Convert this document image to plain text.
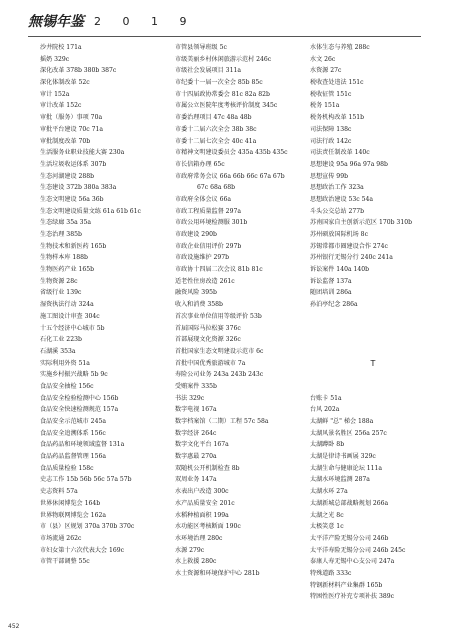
無锡年鉴 2 0 1 9
沙井院校 171a
摇奶 329c
深化改革 378b 380b 387c
深化体制改革 52c
审计 152a
审计改革 152c
审批（服务）事项 70a
审批平台建设 70c 71a
审批制度改革 70b
生活服务业职业技能大赛 230a
生活垃圾收运体系 307b
生态河湖建设 288b
生态建设 372b 380a 383a
生态文明建设 56a 36b
生态文明建设质量文练 61a 61b 61c
生态绿廊 35a 35a
生态治理 385b
生物技术和新医药 165b
生物样本库 188b
生物医药产业 165b
生物资源 28c
省级行业 139c
湿资执法行动 324a
施工图设计审查 304c
十五个经济中心城市 5b
石化工业 223b
石湖溪 353a
实际利用外资 51a
实施乡村振兴战略 5b 9c
食品安全抽检 156c
食品安全检验检测中心 156b
食品安全快速检测规范 157a
食品安全示范城市 245a
食品安全追溯体系 156c
食品药品和环境领域监督 131a
食品药品监督管理 156a
食品质量检验 158c
史志工作 15b 56b 56c 57a 57b
史志资料 57a
世界休闲博览会 164b
世界物联网博览会 162a
市（县）区规划 370a 370b 370c
市场流通 262c
市妇女第十六次代表大会 169c
市管干部调整 55c
市管县领导班级 5c
市级美丽乡村休闲旅游示范村 246c
市级社会发展项目 311a
市纪委十一届一次全会 85b 85c
市十四届政协常委会 81c 82a 82b
市属公立医院年度考核评价制度 345c
市委治理项目 47c 48a 48b
市委十二届六次全会 38b 38c
市委十二届七次全会 40c 41a
市精神文明建设委员会 435a 435b 435c
市长信箱办理 65c
市政府常务会议 66a 66b 66c 67a 67b
67c 68a 68b
市政府全体会议 66a
市政工程质量监督 297a
市政公用环境检测服 301b
市政建设 290b
市政企业信用评价 297b
市政设施维护 297b
市政协十四届二次会议 81b 81c
适老性住房改造 261c
融资风险 395b
收入和消费 358b
首次事业单位信用等级评价 53b
首届国际马拉松赛 376c
首部展现文化资源 326c
首批国家生态文明建设示范市 6c
首批中国优秀旅游城市 7a
寿险公司业务 243a 243b 243c
受贿案件 335b
书法 329c
数字电视 167a
数字档案馆（二期）工程 57c 58a
数字经济 264c
数字文化平台 167a
数字惠最 270a
双随机公开机制检查 8b
双周业务 147a
水表出户改造 300c
水产品质量安全 201c
水稻种植面积 199a
水功能区考核断面 190c
水环境治理 280c
水源 279c
水上救援 280c
水土资源和环境保护中心 281b
水体生态与养殖 288c
水文 26c
水资源 27c
税收查处违法 151c
税收征管 151c
税务 151a
税务机构改革 151b
司法保障 138c
司法行政 142c
司法责任制改革 140c
思想建设 95a 96a 97a 98b
思想宣传 99b
思想政治工作 323a
思想政治建设 53c 54a
斗头公交总站 277b
苏南国家自主创新示范区 170b 310b
苏州硕放国际机场 8c
苏锡常都市圈建设合作 274c
苏州银行无锡分行 240c 241a
诉讼案件 140a 140b
诉讼监督 137a
随团培训 286a
孙泊亭纪念 286a
T
台账卡 51a
台风 202a
太湖鲜 "总" 梯会 188a
太湖风景名胜区 256a 257c
太湖蹲卧 8b
太湖是律诗书画展 329c
太湖生命与健康论坛 111a
太湖水环境监测 287a
太湖水环 27a
太湖新城总部战略规划 266a
太湖之光 8c
太极笑意 1c
太平洋产险无锡分公司 246b
太平洋寿险无锡分公司 246b 245c
泰康人寿无锡中心支公司 247a
特殊道路 333c
特钢新材料产业集群 165b
特困性医疗补充专项补扶 389c
452
